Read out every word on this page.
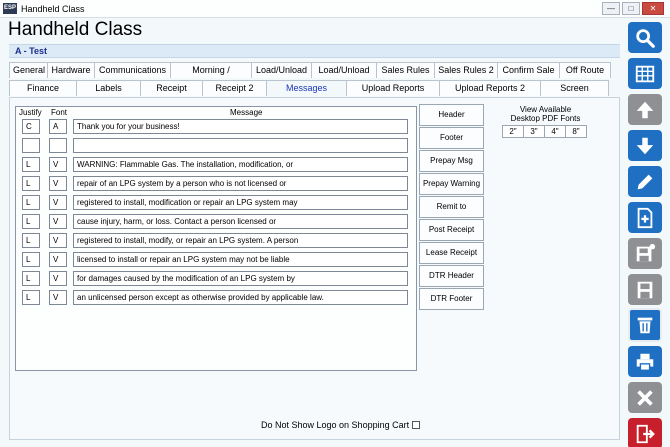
ESP Handheld Class	—	□	✕
Handheld Class
A - Test
General Hardware Communications	Morning /	Load/Unload	Load/Unload	Sales Rules Sales Rules 2 Confirm Sale	Off Route
Finance	Labels	Receipt	Receipt 2	Messages	Upload Reports	Upload Reports 2	Screen
Justify Font	Message
C	A	Thank you for your business!
L	V	WARNING: Flammable Gas. The installation, modification, or
L	V	repair of an LPG system by a person who is not licensed or
L	V	registered to install, modification or repair an LPG system may
L	V	cause injury, harm, or loss. Contact a person licensed or
L	V	registered to install, modify, or repair an LPG system. A person
L	V	licensed to install or repair an LPG system may not be liable
L	V	for damages caused by the modification of an LPG system by
L	V	an unlicensed person except as otherwise provided by applicable law.
Header
Footer
Prepay Msg
Prepay Warning
Remit to
Post Receipt
Lease Receipt
DTR Header
DTR Footer
View Available
Desktop PDF Fonts
2"	3"	4"	8"
Do Not Show Logo on Shopping Cart
